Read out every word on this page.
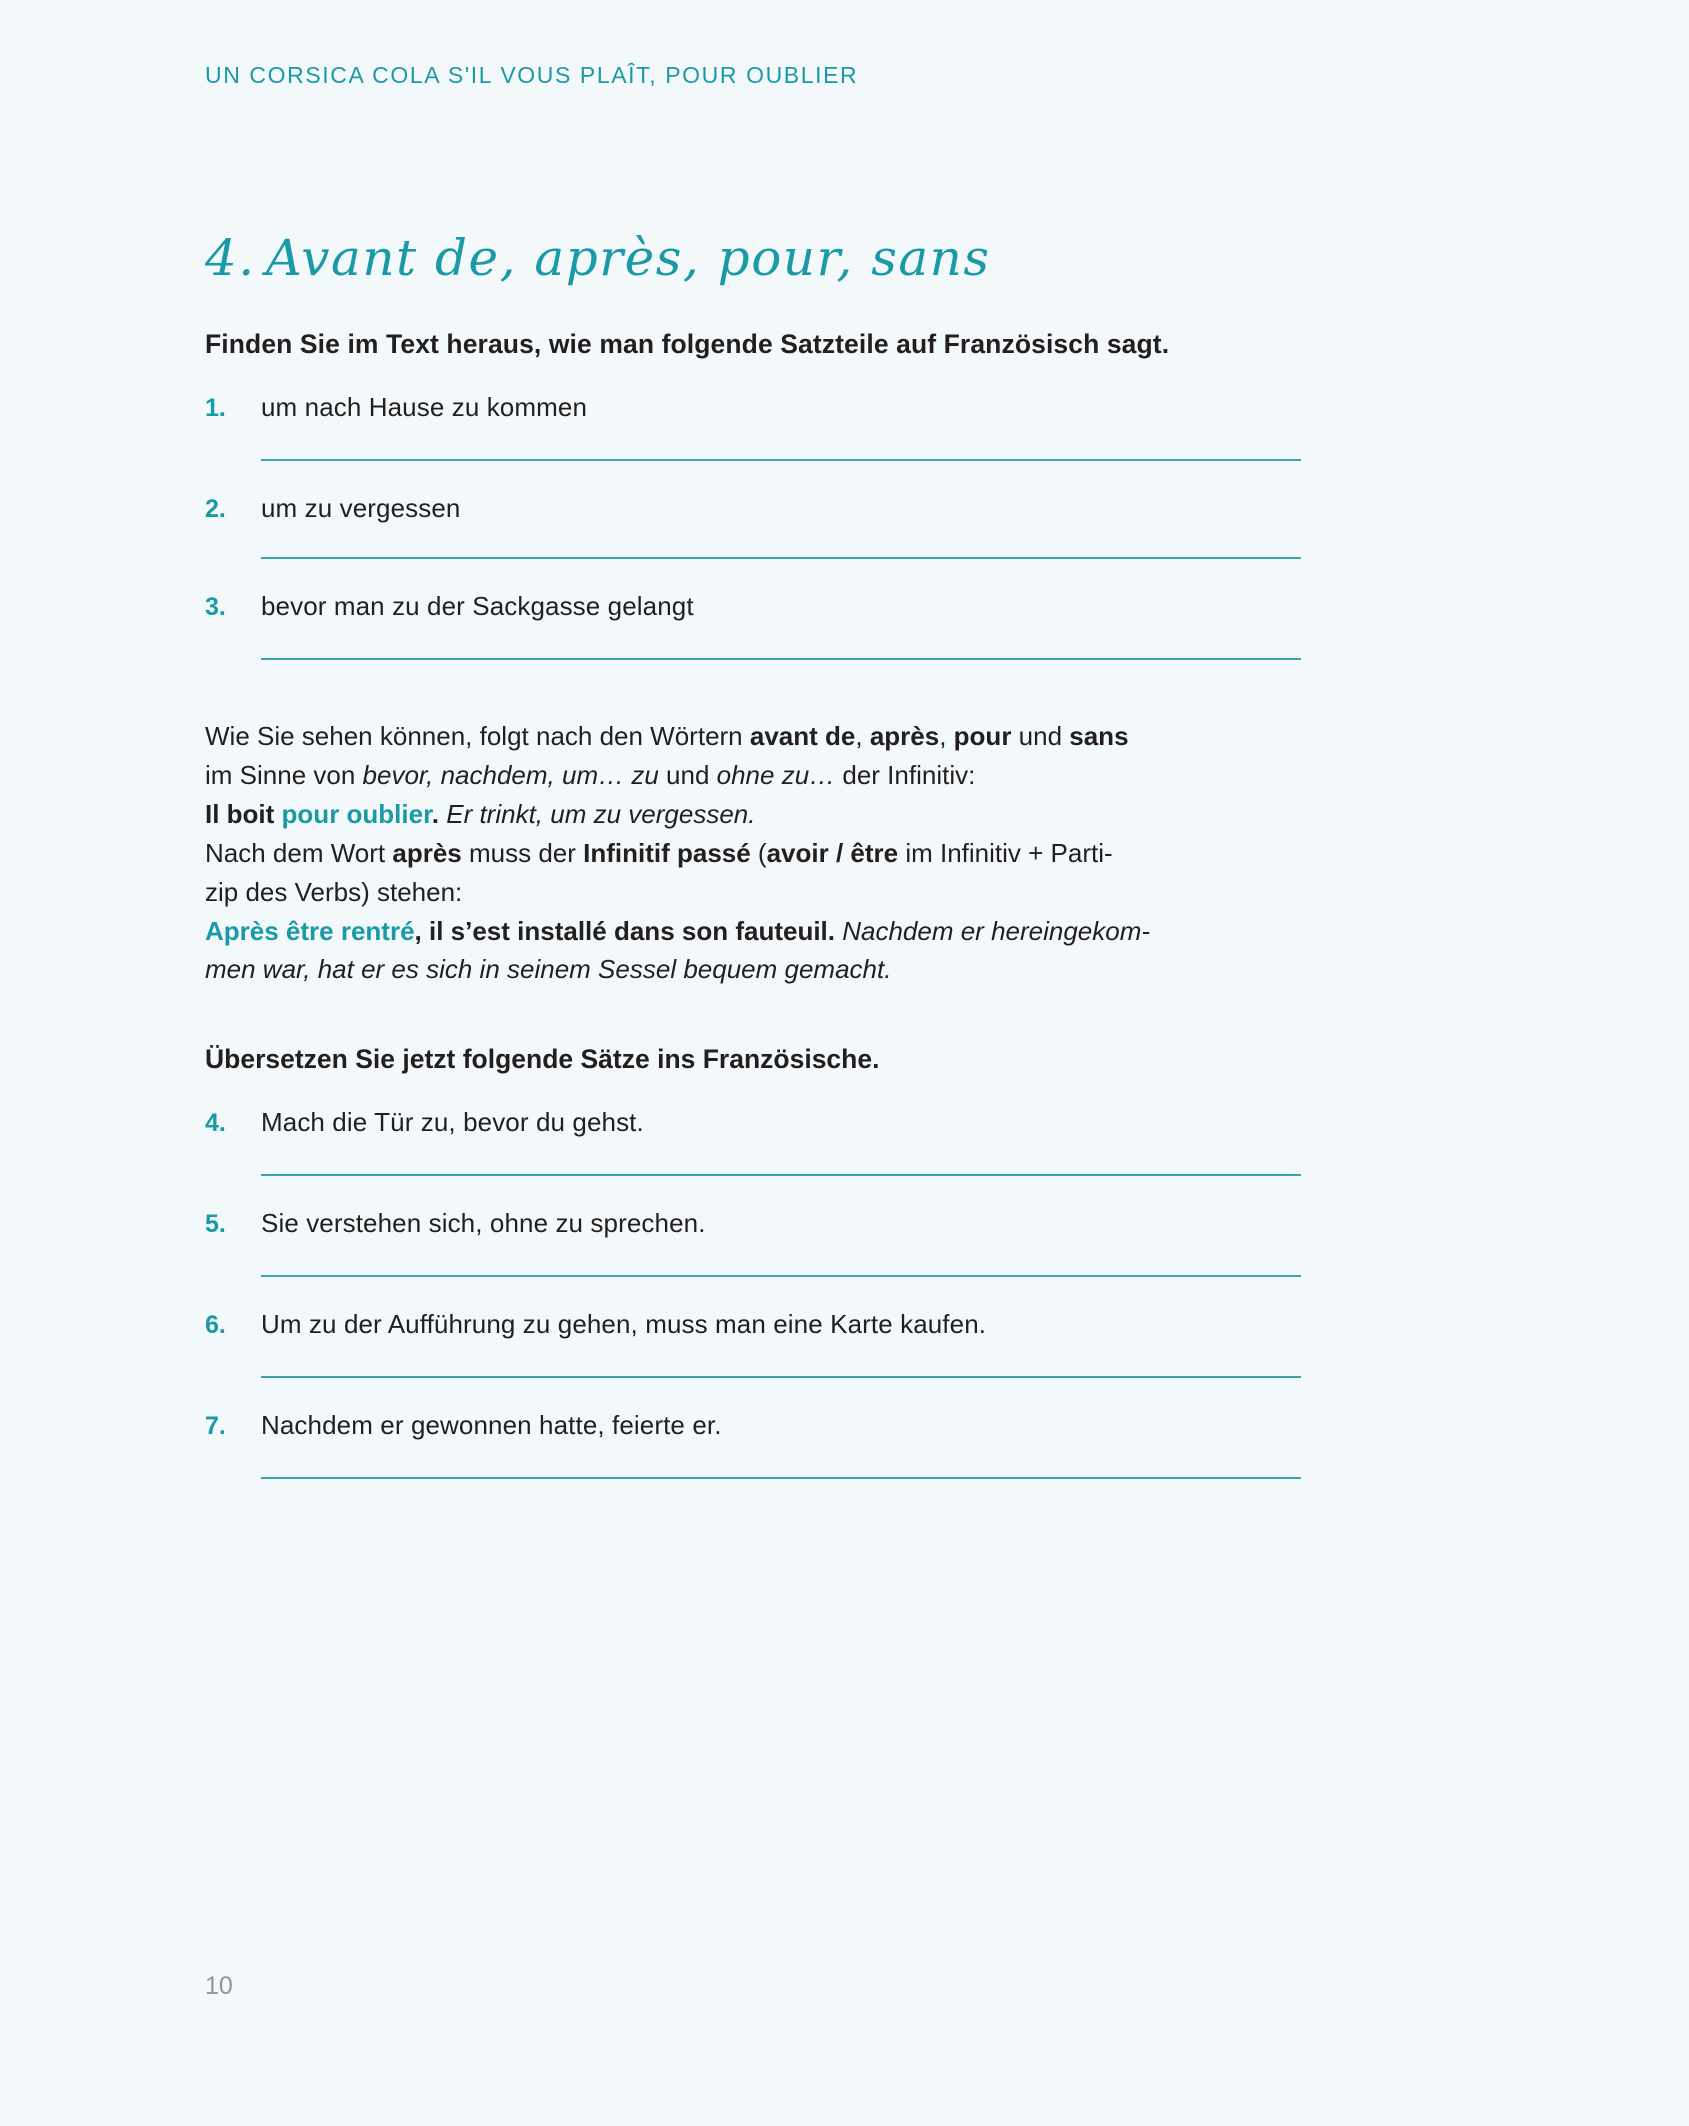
UN CORSICA COLA S'IL VOUS PLAÎT, POUR OUBLIER
4. Avant de, après, pour, sans
Finden Sie im Text heraus, wie man folgende Satzteile auf Französisch sagt.
1.	um nach Hause zu kommen
2.	um zu vergessen
3.	bevor man zu der Sackgasse gelangt

Wie Sie sehen können, folgt nach den Wörtern avant de, après, pour und sans

im Sinne von bevor, nachdem, um… zu und ohne zu… der Infinitiv:

Il boit pour oublier. Er trinkt, um zu vergessen.

Nach dem Wort après muss der Infinitif passé (avoir / être im Infinitiv + Parti-

zip des Verbs) stehen:

Après être rentré, il s’est installé dans son fauteuil. Nachdem er hereingekom-

men war, hat er es sich in seinem Sessel bequem gemacht.

Übersetzen Sie jetzt folgende Sätze ins Französische.
4.	Mach die Tür zu, bevor du gehst.
5.	Sie verstehen sich, ohne zu sprechen.
6.	Um zu der Aufführung zu gehen, muss man eine Karte kaufen.
7.	Nachdem er gewonnen hatte, feierte er.
10
